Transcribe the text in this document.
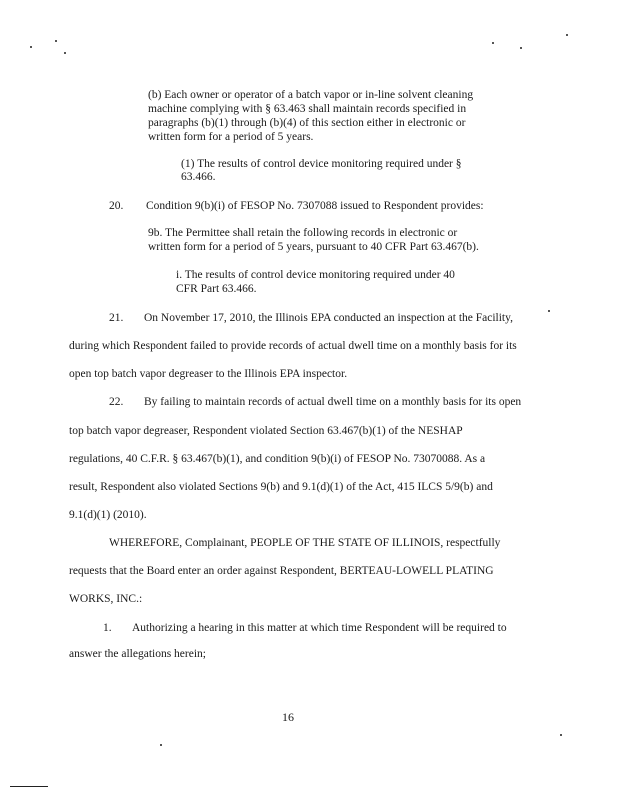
(b) Each owner or operator of a batch vapor or in-line solvent cleaning
machine complying with § 63.463 shall maintain records specified in
paragraphs (b)(1) through (b)(4) of this section either in electronic or
written form for a period of 5 years.
(1) The results of control device monitoring required under §
63.466.
20. Condition 9(b)(i) of FESOP No. 7307088 issued to Respondent provides:
9b. The Permittee shall retain the following records in electronic or
written form for a period of 5 years, pursuant to 40 CFR Part 63.467(b).
i. The results of control device monitoring required under 40
CFR Part 63.466.
21. On November 17, 2010, the Illinois EPA conducted an inspection at the Facility,
during which Respondent failed to provide records of actual dwell time on a monthly basis for its
open top batch vapor degreaser to the Illinois EPA inspector.
22. By failing to maintain records of actual dwell time on a monthly basis for its open
top batch vapor degreaser, Respondent violated Section 63.467(b)(1) of the NESHAP
regulations, 40 C.F.R. § 63.467(b)(1), and condition 9(b)(i) of FESOP No. 73070088. As a
result, Respondent also violated Sections 9(b) and 9.1(d)(1) of the Act, 415 ILCS 5/9(b) and
9.1(d)(1) (2010).
WHEREFORE, Complainant, PEOPLE OF THE STATE OF ILLINOIS, respectfully
requests that the Board enter an order against Respondent, BERTEAU-LOWELL PLATING
WORKS, INC.:
1. Authorizing a hearing in this matter at which time Respondent will be required to
answer the allegations herein;
16
